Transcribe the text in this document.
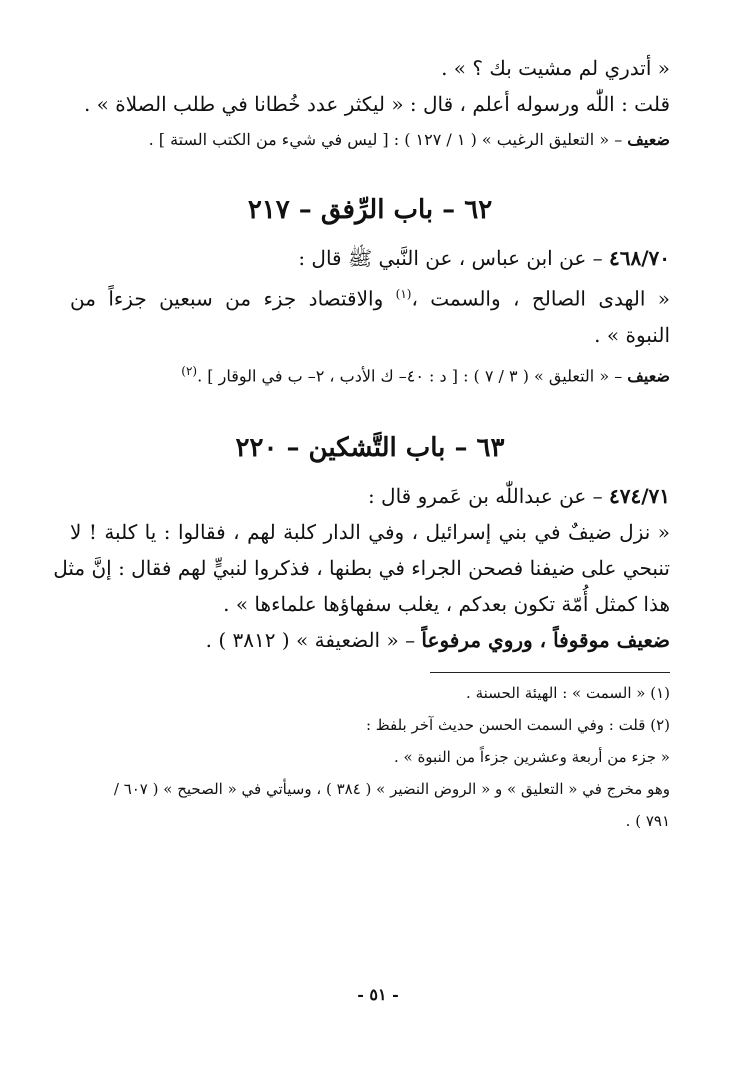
« أتدري لم مشيت بك ؟ » .
قلت : اللّٰه ورسوله أعلم ، قال : « ليكثر عدد خُطانا في طلب الصلاة » .
ضعيف – « التعليق الرغيب » ( ١ / ١٢٧ ) : [ ليس في شيء من الكتب الستة ] .
٦٢ – باب الرِّفق – ٢١٧
٤٦٨/٧٠ – عن ابن عباس ، عن النَّبي ﷺ قال :
« الهدى الصالح ، والسمت ،$^{(١)}$ والاقتصاد جزء من سبعين جزءاً من
النبوة » .
ضعيف – « التعليق » ( ٣ / ٧ ) : [ د : ٤٠– ك الأدب ، ٢– ب في الوقار ] .$^{(٢)}$
٦٣ – باب التَّشكين – ٢٢٠
٤٧٤/٧١ – عن عبداللّٰه بن عَمرو قال :
« نزل ضيفٌ في بني إسرائيل ، وفي الدار كلبة لهم ، فقالوا : يا كلبة ! لا
تنبحي على ضيفنا فصحن الجراء في بطنها ، فذكروا لنبيٍّ لهم فقال : إنَّ مثل
هذا كمثل أُمّة تكون بعدكم ، يغلب سفهاؤها علماءها » .
ضعيف موقوفاً ، وروي مرفوعاً – « الضعيفة » ( ٣٨١٢ ) .
(١) « السمت » : الهيئة الحسنة .
(٢) قلت : وفي السمت الحسن حديث آخر بلفظ :
« جزء من أربعة وعشرين جزءاً من النبوة » .
وهو مخرج في « التعليق » و « الروض النضير » ( ٣٨٤ ) ، وسيأتي في « الصحيح » ( ٦٠٧ /
٧٩١ ) .
- ٥١ -
